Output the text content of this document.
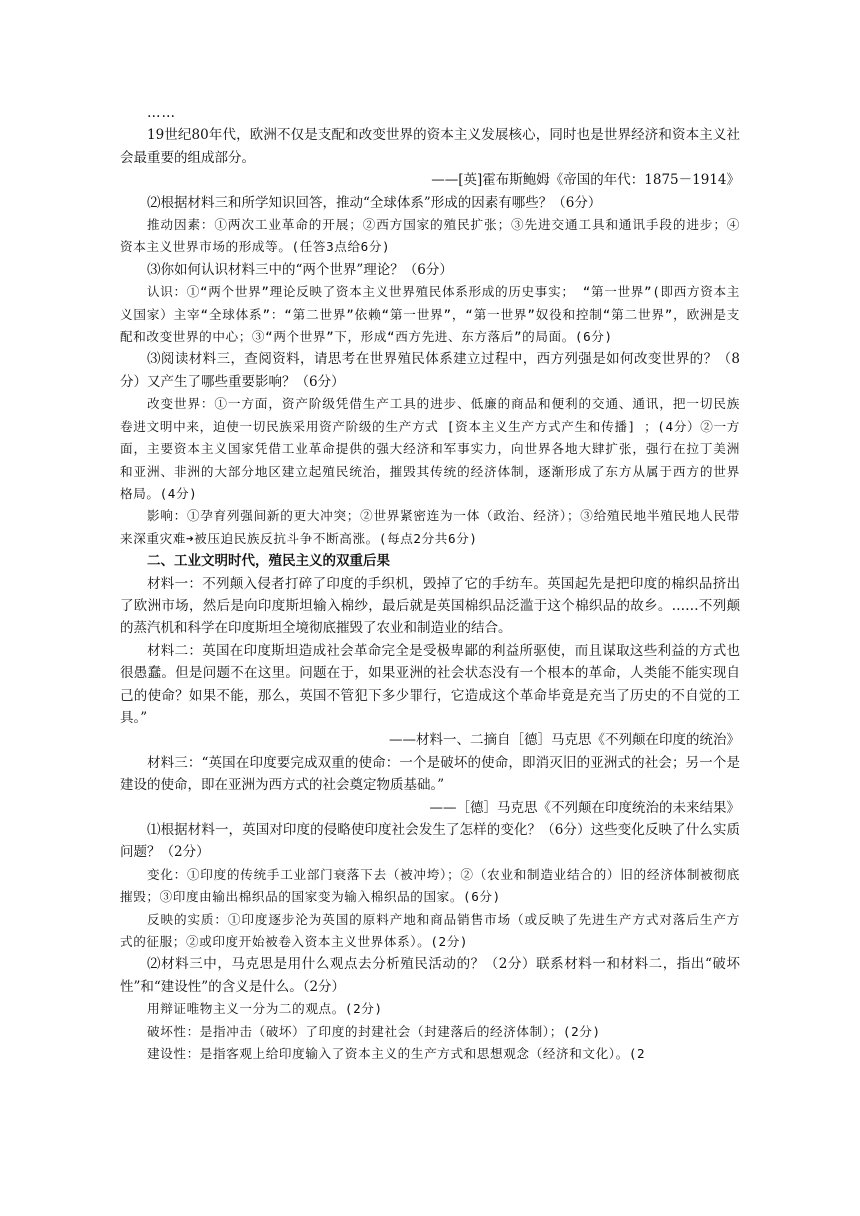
……

19世纪80年代，欧洲不仅是支配和改变世界的资本主义发展核心，同时也是世界经济和资本主义社会最重要的组成部分。

——[英]霍布斯鲍姆《帝国的年代：1875－1914》

⑵根据材料三和所学知识回答，推动“全球体系”形成的因素有哪些？（6分）

推动因素：①两次工业革命的开展；②西方国家的殖民扩张；③先进交通工具和通讯手段的进步；④资本主义世界市场的形成等。(任答3点给6分)

⑶你如何认识材料三中的“两个世界”理论？（6分）

认识：①“两个世界”理论反映了资本主义世界殖民体系形成的历史事实； “第一世界”(即西方资本主义国家）主宰“全球体系”：“第二世界”依赖“第一世界”，“第一世界”奴役和控制“第二世界”，欧洲是支配和改变世界的中心；③“两个世界”下，形成“西方先进、东方落后”的局面。(6分)

⑶阅读材料三，查阅资料，请思考在世界殖民体系建立过程中，西方列强是如何改变世界的？（8分）又产生了哪些重要影响？（6分）

改变世界：①一方面，资产阶级凭借生产工具的进步、低廉的商品和便利的交通、通讯，把一切民族卷进文明中来，迫使一切民族采用资产阶级的生产方式 [资本主义生产方式产生和传播] ；(4分）②一方面，主要资本主义国家凭借工业革命提供的强大经济和军事实力，向世界各地大肆扩张，强行在拉丁美洲和亚洲、非洲的大部分地区建立起殖民统治，摧毁其传统的经济体制，逐渐形成了东方从属于西方的世界格局。(4分)

影响：①孕育列强间新的更大冲突；②世界紧密连为一体（政治、经济）；③给殖民地半殖民地人民带来深重灾难➜被压迫民族反抗斗争不断高涨。(每点2分共6分)

二、工业文明时代，殖民主义的双重后果

材料一：不列颠入侵者打碎了印度的手织机，毁掉了它的手纺车。英国起先是把印度的棉织品挤出了欧洲市场，然后是向印度斯坦输入棉纱，最后就是英国棉织品泛滥于这个棉织品的故乡。……不列颠的蒸汽机和科学在印度斯坦全境彻底摧毁了农业和制造业的结合。

材料二：英国在印度斯坦造成社会革命完全是受极卑鄙的利益所驱使，而且谋取这些利益的方式也很愚蠢。但是问题不在这里。问题在于，如果亚洲的社会状态没有一个根本的革命，人类能不能实现自己的使命？如果不能，那么，英国不管犯下多少罪行，它造成这个革命毕竟是充当了历史的不自觉的工具。”

——材料一、二摘自［德］马克思《不列颠在印度的统治》

材料三：“英国在印度要完成双重的使命：一个是破坏的使命，即消灭旧的亚洲式的社会；另一个是建设的使命，即在亚洲为西方式的社会奠定物质基础。”

——［德］马克思《不列颠在印度统治的未来结果》

⑴根据材料一，英国对印度的侵略使印度社会发生了怎样的变化？（6分）这些变化反映了什么实质问题？（2分）

变化：①印度的传统手工业部门衰落下去（被冲垮）；②（农业和制造业结合的）旧的经济体制被彻底摧毁；③印度由输出棉织品的国家变为输入棉织品的国家。(6分)

反映的实质：①印度逐步沦为英国的原料产地和商品销售市场（或反映了先进生产方式对落后生产方式的征服；②或印度开始被卷入资本主义世界体系）。(2分)

⑵材料三中，马克思是用什么观点去分析殖民活动的？（2分）联系材料一和材料二，指出“破坏性”和“建设性”的含义是什么。（2分）

用辩证唯物主义一分为二的观点。(2分)

破坏性：是指冲击（破坏）了印度的封建社会（封建落后的经济体制）；(2分)

建设性：是指客观上给印度输入了资本主义的生产方式和思想观念（经济和文化）。(2
